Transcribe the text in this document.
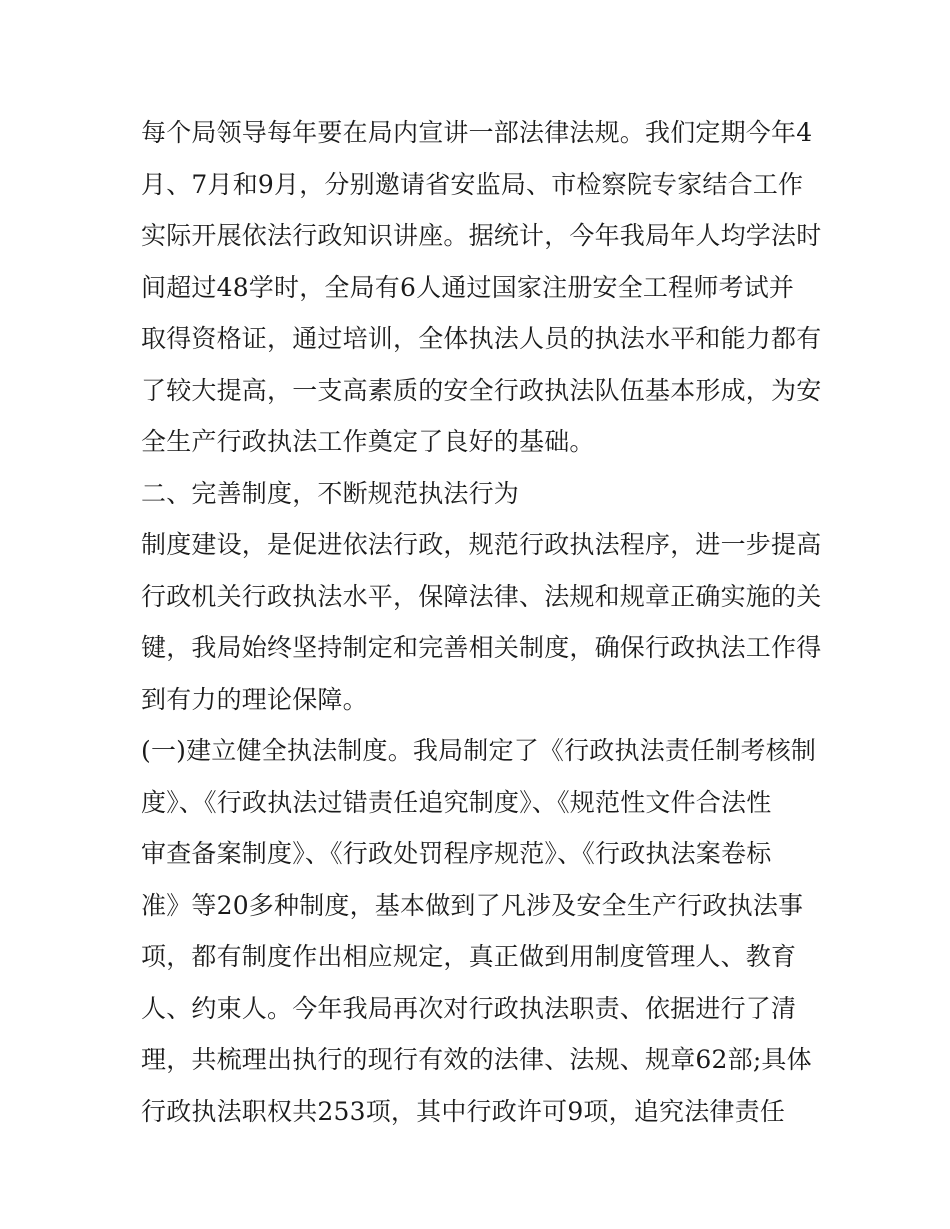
每个局领导每年要在局内宣讲一部法律法规。我们定期今年4
月、7月和9月，分别邀请省安监局、市检察院专家结合工作
实际开展依法行政知识讲座。据统计，今年我局年人均学法时
间超过48学时，全局有6人通过国家注册安全工程师考试并
取得资格证，通过培训，全体执法人员的执法水平和能力都有
了较大提高，一支高素质的安全行政执法队伍基本形成，为安
全生产行政执法工作奠定了良好的基础。
二、完善制度，不断规范执法行为
制度建设，是促进依法行政，规范行政执法程序，进一步提高
行政机关行政执法水平，保障法律、法规和规章正确实施的关
键，我局始终坚持制定和完善相关制度，确保行政执法工作得
到有力的理论保障。
(一)建立健全执法制度。我局制定了《行政执法责任制考核制
度》、《行政执法过错责任追究制度》、《规范性文件合法性
审查备案制度》、《行政处罚程序规范》、《行政执法案卷标
准》等20多种制度，基本做到了凡涉及安全生产行政执法事
项，都有制度作出相应规定，真正做到用制度管理人、教育
人、约束人。今年我局再次对行政执法职责、依据进行了清
理，共梳理出执行的现行有效的法律、法规、规章62部;具体
行政执法职权共253项，其中行政许可9项，追究法律责任
